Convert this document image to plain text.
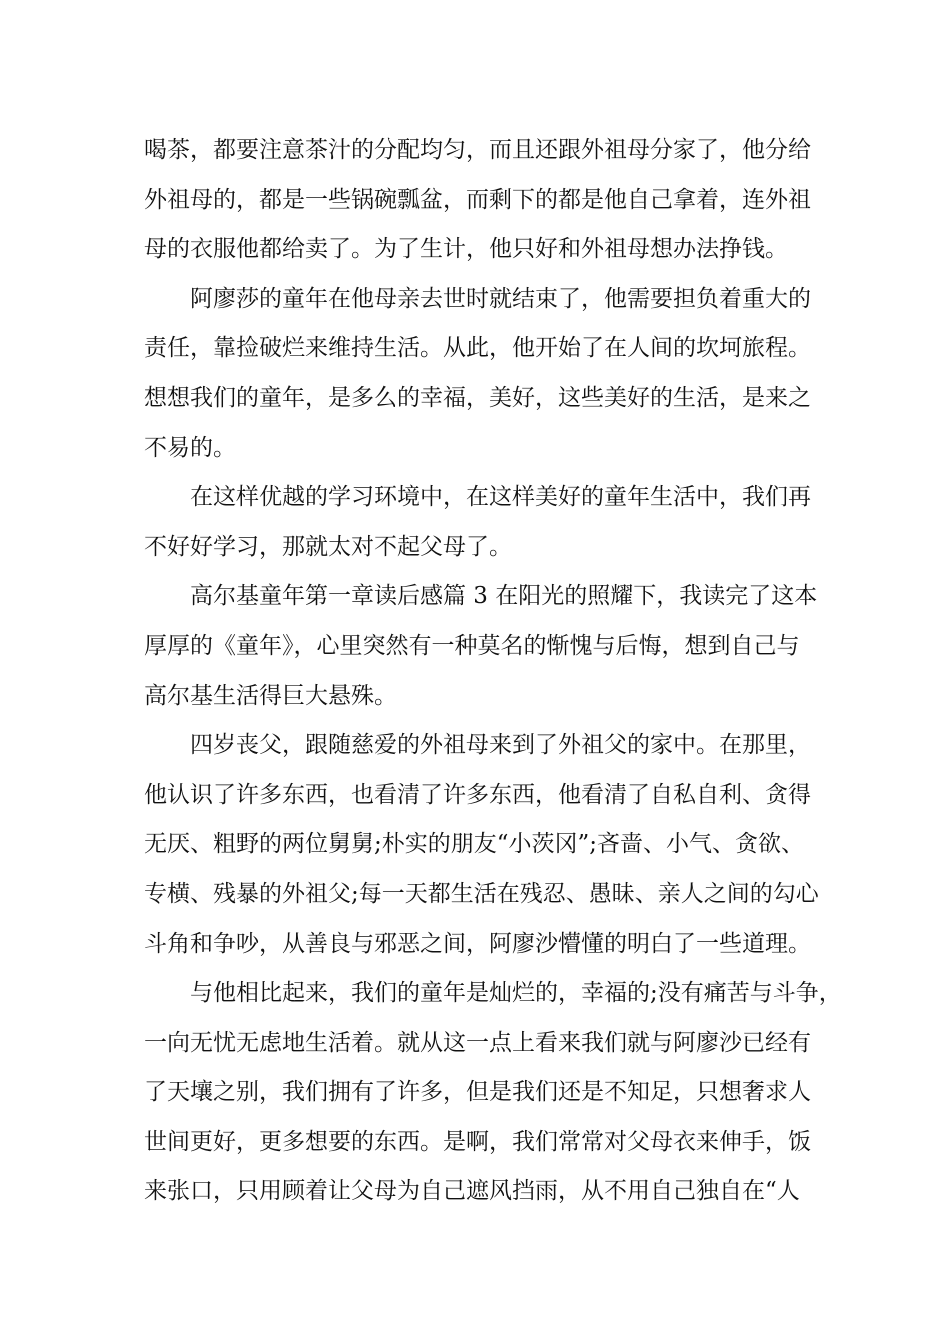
喝茶，都要注意茶汁的分配均匀，而且还跟外祖母分家了，他分给
外祖母的，都是一些锅碗瓢盆，而剩下的都是他自己拿着，连外祖
母的衣服他都给卖了。为了生计，他只好和外祖母想办法挣钱。
阿廖莎的童年在他母亲去世时就结束了，他需要担负着重大的
责任，靠捡破烂来维持生活。从此，他开始了在人间的坎坷旅程。
想想我们的童年，是多么的幸福，美好，这些美好的生活，是来之
不易的。
在这样优越的学习环境中，在这样美好的童年生活中，我们再
不好好学习，那就太对不起父母了。
高尔基童年第一章读后感篇 3 在阳光的照耀下，我读完了这本
厚厚的《童年》，心里突然有一种莫名的惭愧与后悔，想到自己与
高尔基生活得巨大悬殊。
四岁丧父，跟随慈爱的外祖母来到了外祖父的家中。在那里，
他认识了许多东西，也看清了许多东西，他看清了自私自利、贪得
无厌、粗野的两位舅舅;朴实的朋友“小茨冈”;吝啬、小气、贪欲、
专横、残暴的外祖父;每一天都生活在残忍、愚昧、亲人之间的勾心
斗角和争吵，从善良与邪恶之间，阿廖沙懵懂的明白了一些道理。
与他相比起来，我们的童年是灿烂的，幸福的;没有痛苦与斗争，
一向无忧无虑地生活着。就从这一点上看来我们就与阿廖沙已经有
了天壤之别，我们拥有了许多，但是我们还是不知足，只想奢求人
世间更好，更多想要的东西。是啊，我们常常对父母衣来伸手，饭
来张口，只用顾着让父母为自己遮风挡雨，从不用自己独自在“人
